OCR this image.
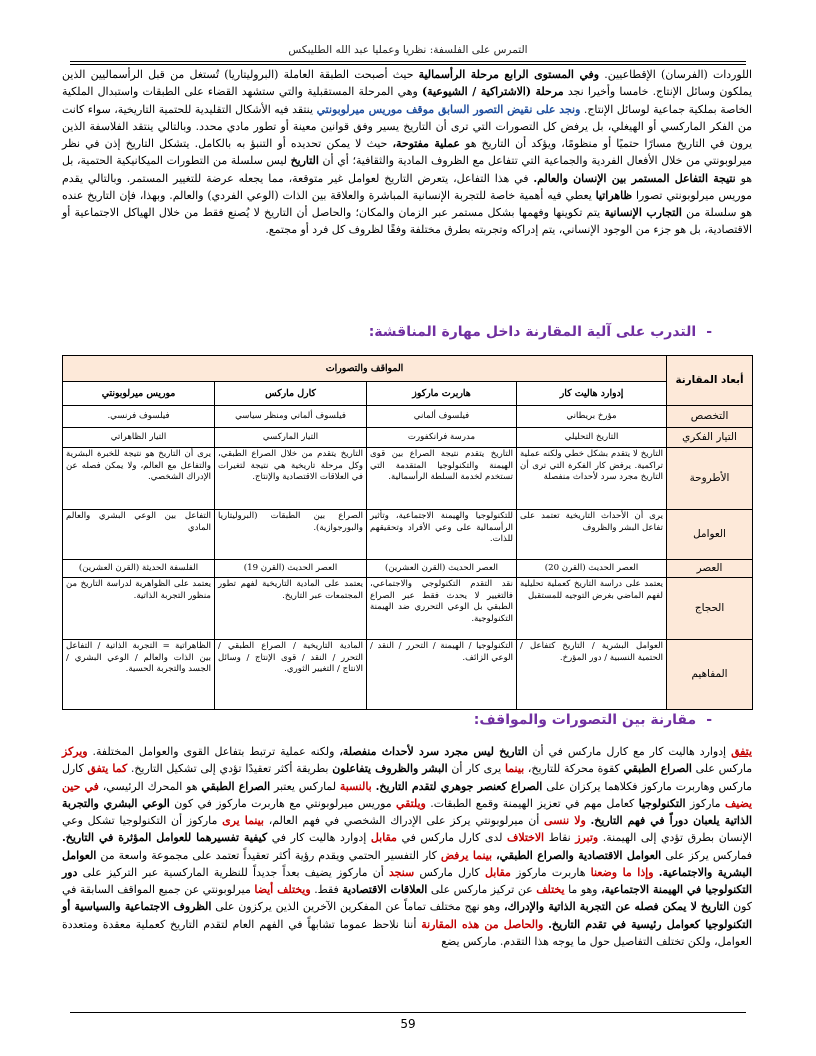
التمرس على الفلسفة: نظريا وعمليا عبد الله الطليبكس

اللوردات (الفرسان) الإقطاعيين. وفي المستوى الرابع مرحلة الرأسمالية حيث أصبحت الطبقة العاملة (البروليتاريا) تُستغل من قبل الرأسماليين الذين يملكون وسائل الإنتاج. خامسا وأخيرا نجد مرحلة (الاشتراكية / الشيوعية) وهي المرحلة المستقبلية والتي ستشهد القضاء على الطبقات واستبدال الملكية الخاصة بملكية جماعية لوسائل الإنتاج. ونجد على نقيض التصور السابق موقف موريس ميرلوبونتي ينتقد فيه الأشكال التقليدية للحتمية التاريخية، سواء كانت من الفكر الماركسي أو الهيغلي، بل يرفض كل التصورات التي ترى أن التاريخ يسير وفق قوانين معينة أو تطور مادي محدد. وبالتالي ينتقد الفلاسفة الذين يرون في التاريخ مسارًا حتميًا أو منظومًا، ويؤكد أن التاريخ هو عملية مفتوحة، حيث لا يمكن تحديده أو التنبؤ به بالكامل. يتشكل التاريخ إذن في نظر ميرلوبونتي من خلال الأفعال الفردية والجماعية التي تتفاعل مع الظروف المادية والثقافية؛ أي أن التاريخ ليس سلسلة من التطورات الميكانيكية الحتمية، بل هو نتيجة التفاعل المستمر بين الإنسان والعالم. في هذا التفاعل، يتعرض التاريخ لعوامل غير متوقعة، مما يجعله عرضة للتغيير المستمر. وبالتالي يقدم موريس ميرلوبونتي تصورا ظاهراتيا يعطي فيه أهمية خاصة للتجربة الإنسانية المباشرة والعلاقة بين الذات (الوعي الفردي) والعالم. وبهذا، فإن التاريخ عنده هو سلسلة من التجارب الإنسانية يتم تكوينها وفهمها بشكل مستمر عبر الزمان والمكان؛ والحاصل أن التاريخ لا يُصنع فقط من خلال الهياكل الاجتماعية أو الاقتصادية، بل هو جزء من الوجود الإنساني، يتم إدراكه وتجربته بطرق مختلفة وفقًا لظروف كل فرد أو مجتمع.

-التدرب على آلية المقارنة داخل مهارة المناقشة:
أبعاد المقارنة	المواقف والتصورات			
	إدوارد هاليت كار	هاربرت ماركوز	كارل ماركس	موريس ميرلوبونتي
التخصص	مؤرخ بريطاني	فيلسوف ألماني	فيلسوف ألماني ومنظر سياسي	فيلسوف فرنسي.
التيار الفكري	التاريخ التحليلي	مدرسة فرانكفورت	التيار الماركسي	التيار الظاهراتي
الأطروحة	التاريخ لا يتقدم بشكل خطي ولكنه عملية تراكمية. يرفض كار الفكرة التي ترى أن التاريخ مجرد سرد لأحداث منفصلة	التاريخ يتقدم نتيجة الصراع بين قوى الهيمنة والتكنولوجيا المتقدمة التي تستخدم لخدمة السلطة الرأسمالية.	التاريخ يتقدم من خلال الصراع الطبقي، وكل مرحلة تاريخية هي نتيجة لتغيرات في العلاقات الاقتصادية والإنتاج.	يرى أن التاريخ هو نتيجة للخبرة البشرية والتفاعل مع العالم، ولا يمكن فصله عن الإدراك الشخصي.
العوامل	يرى أن الأحداث التاريخية تعتمد على تفاعل البشر والظروف	للتكنولوجيا والهيمنة الاجتماعية، وتأثير الرأسمالية على وعي الأفراد وتحقيقهم للذات.	الصراع بين الطبقات (البروليتاريا والبورجوازية).	التفاعل بين الوعي البشري والعالم المادي
العصر	العصر الحديث (القرن 20)	العصر الحديث (القرن العشرين)	العصر الحديث (القرن 19)	الفلسفة الحديثة (القرن العشرين)
الحجاج	يعتمد على دراسة التاريخ كعملية تحليلية لفهم الماضي بغرض التوجيه للمستقبل	نقد التقدم التكنولوجي والاجتماعي، فالتغيير لا يحدث فقط عبر الصراع الطبقي بل الوعي التحرري ضد الهيمنة التكنولوجية.	يعتمد على المادية التاريخية لفهم تطور المجتمعات عبر التاريخ.	يعتمد على الظواهرية لدراسة التاريخ من منظور التجربة الذاتية.
المفاهيم	العوامل البشرية / التاريخ كتفاعل / الحتمية النسبية / دور المؤرخ.	التكنولوجيا / الهيمنة / التحرر / النقد / الوعي الزائف.	المادية التاريخية / الصراع الطبقي / التحرر / النقد / قوى الإنتاج / وسائل الانتاج / التغيير الثوري.	الظاهراتية = التجربة الذاتية / التفاعل بين الذات والعالم / الوعي البشري / الجسد والتجربة الحسية.
-مقارنة بين التصورات والمواقف:

يتفق إدوارد هاليت كار مع كارل ماركس في أن التاريخ ليس مجرد سرد لأحداث منفصلة، ولكنه عملية ترتبط بتفاعل القوى والعوامل المختلفة. ويركز ماركس على الصراع الطبقي كقوة محركة للتاريخ، بينما يرى كار أن البشر والظروف يتفاعلون بطريقة أكثر تعقيدًا تؤدي إلى تشكيل التاريخ. كما يتفق كارل ماركس وهاربرت ماركوز فكلاهما يركزان على الصراع كعنصر جوهري لتقدم التاريخ. بالنسبة لماركس يعتبر الصراع الطبقي هو المحرك الرئيسي، في حين يضيف ماركوز التكنولوجيا كعامل مهم في تعزيز الهيمنة وقمع الطبقات. ويلتقي موريس ميرلوبونتي مع هاربرت ماركوز في كون الوعي البشري والتجربة الذاتية يلعبان دوراً في فهم التاريخ. ولا ننسى أن ميرلوبونتي يركز على الإدراك الشخصي في فهم العالم، بينما يرى ماركوز أن التكنولوجيا تشكل وعي الإنسان بطرق تؤدي إلى الهيمنة. وتبرز نقاط الاختلاف لدى كارل ماركس في مقابل إدوارد هاليت كار في كيفية تفسيرهما للعوامل المؤثرة في التاريخ. فماركس يركز على العوامل الاقتصادية والصراع الطبقي، بينما يرفض كار التفسير الحتمي ويقدم رؤية أكثر تعقيداً تعتمد على مجموعة واسعة من العوامل البشرية والاجتماعية. وإذا ما وضعنا هاربرت ماركوز مقابل كارل ماركس سنجد أن ماركوز يضيف بعداً جديداً للنظرية الماركسية عبر التركيز على دور التكنولوجيا في الهيمنة الاجتماعية، وهو ما يختلف عن تركيز ماركس على العلاقات الاقتصادية فقط. ويختلف أيضا ميرلوبونتي عن جميع المواقف السابقة في كون التاريخ لا يمكن فصله عن التجربة الذاتية والإدراك، وهو نهج مختلف تماماً عن المفكرين الآخرين الذين يركزون على الظروف الاجتماعية والسياسية أو التكنولوجيا كعوامل رئيسية في تقدم التاريخ. والحاصل من هذه المقارنة أننا نلاحظ عموما تشابهاً في الفهم العام لتقدم التاريخ كعملية معقدة ومتعددة العوامل، ولكن تختلف التفاصيل حول ما يوجه هذا التقدم. ماركس يضع

59
